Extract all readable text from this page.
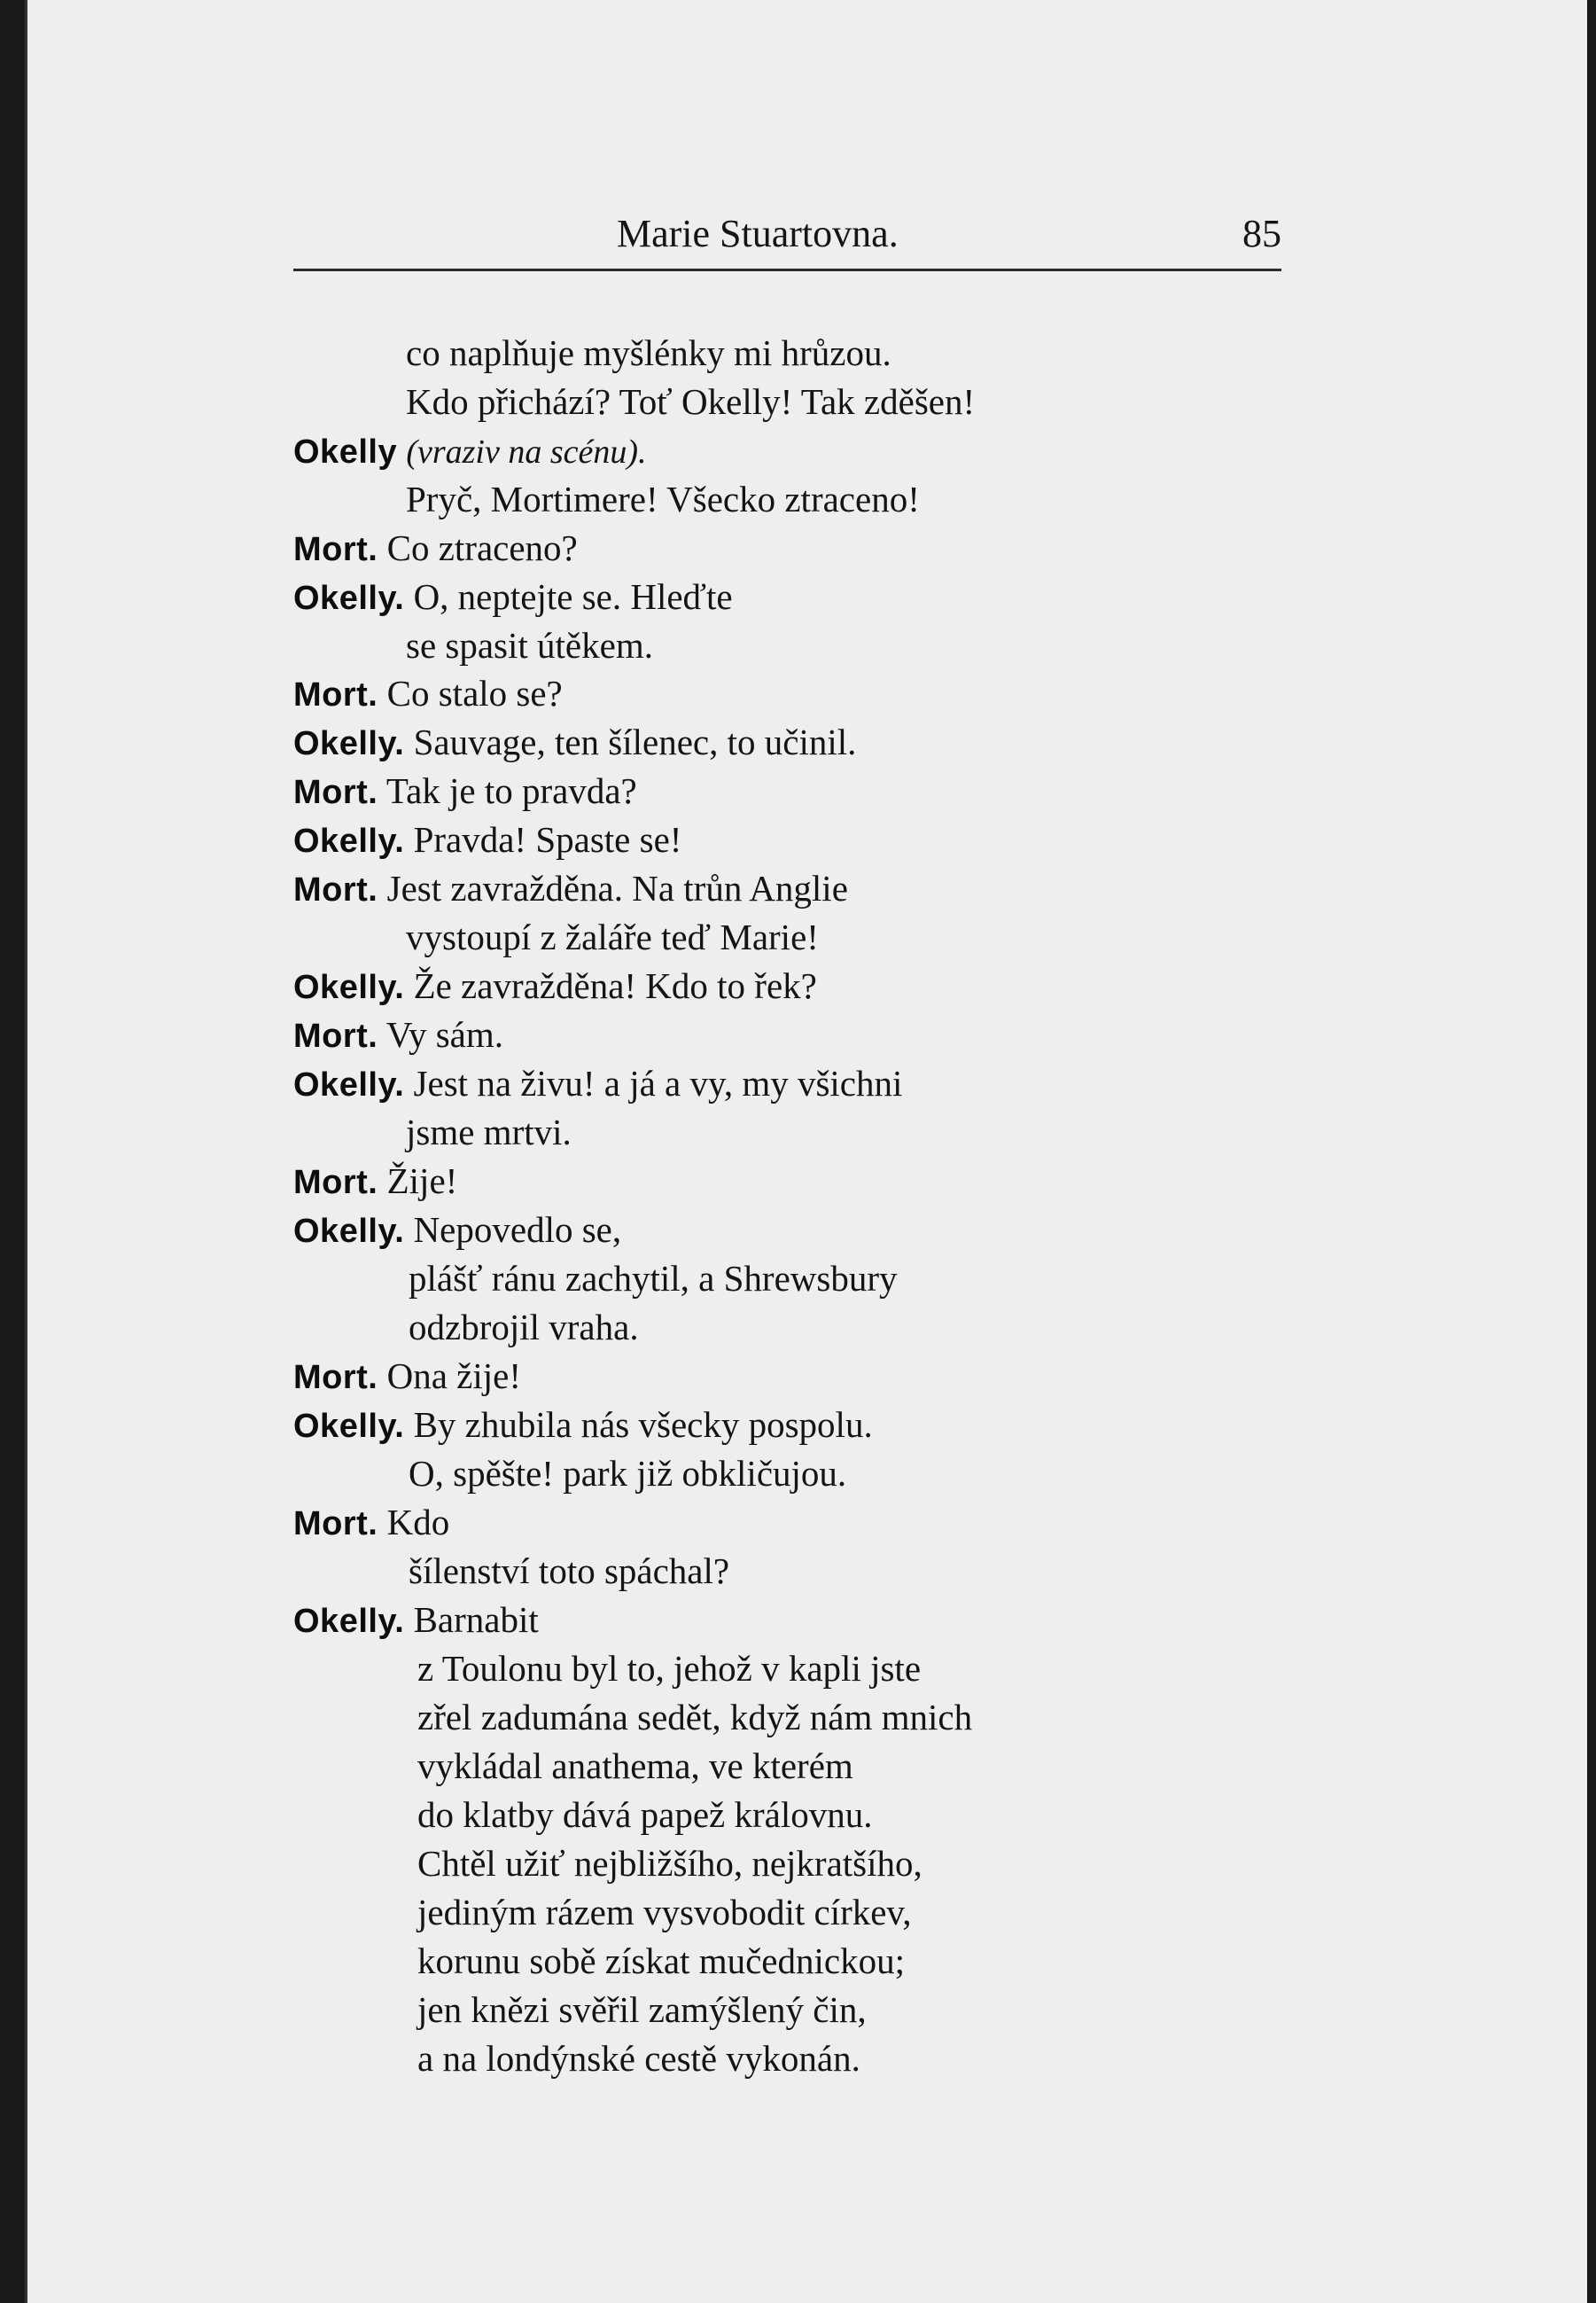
Marie Stuartovna.	85
co naplňuje myšlénky mi hrůzou.
Kdo přichází? Toť Okelly! Tak zděšen!
Okelly (vraziv na scénu).
Pryč, Mortimere! Všecko ztraceno!
Mort. Co ztraceno?
Okelly. O, neptejte se. Hleďte
se spasit útěkem.
Mort. Co stalo se?
Okelly. Sauvage, ten šílenec, to učinil.
Mort. Tak je to pravda?
Okelly. Pravda! Spaste se!
Mort. Jest zavražděna. Na trůn Anglie
vystoupí z žaláře teď Marie!
Okelly. Že zavražděna! Kdo to řek?
Mort. Vy sám.
Okelly. Jest na živu! a já a vy, my všichni
jsme mrtvi.
Mort. Žije!
Okelly. Nepovedlo se,
plášť ránu zachytil, a Shrewsbury
odzbrojil vraha.
Mort. Ona žije!
Okelly. By zhubila nás všecky pospolu.
O, spěšte! park již obkličujou.
Mort. Kdo
šílenství toto spáchal?
Okelly. Barnabit
z Toulonu byl to, jehož v kapli jste
zřel zadumána sedět, když nám mnich
vykládal anathema, ve kterém
do klatby dává papež královnu.
Chtěl užiť nejbližšího, nejkratšího,
jediným rázem vysvobodit církev,
korunu sobě získat mučednickou;
jen knězi svěřil zamýšlený čin,
a na londýnské cestě vykonán.
